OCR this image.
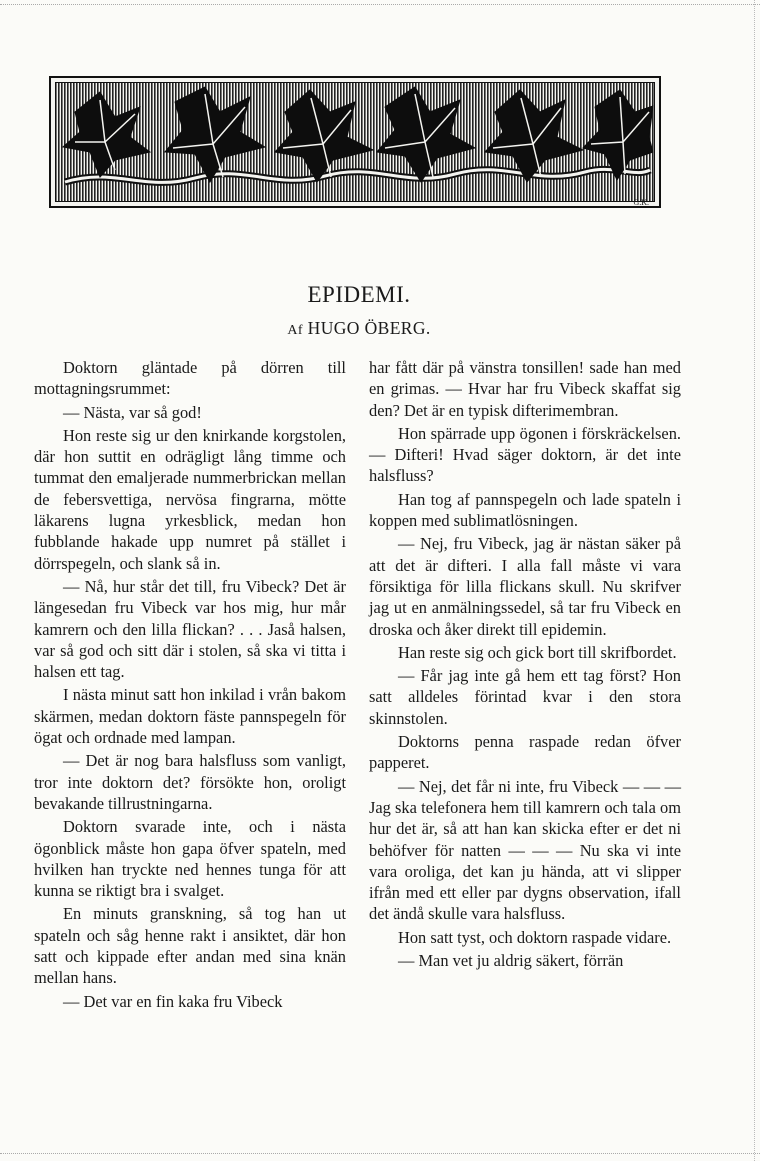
G.K.
EPIDEMI.
Af HUGO ÖBERG.

Doktorn gläntade på dörren till mottagningsrummet:

— Nästa, var så god!

Hon reste sig ur den knirkande korgstolen, där hon suttit en odrägligt lång timme och tummat den emaljerade nummerbrickan mellan de febersvettiga, nervösa fingrarna, mötte läkarens lugna yrkesblick, medan hon fubblande hakade upp numret på stället i dörrspegeln, och slank så in.

— Nå, hur står det till, fru Vibeck? Det är längesedan fru Vibeck var hos mig, hur mår kamrern och den lilla flickan? . . . Jaså halsen, var så god och sitt där i stolen, så ska vi titta i halsen ett tag.

I nästa minut satt hon inkilad i vrån bakom skärmen, medan doktorn fäste pannspegeln för ögat och ordnade med lampan.

— Det är nog bara halsfluss som vanligt, tror inte doktorn det? försökte hon, oroligt bevakande tillrustningarna.

Doktorn svarade inte, och i nästa ögonblick måste hon gapa öfver spateln, med hvilken han tryckte ned hennes tunga för att kunna se riktigt bra i svalget.

En minuts granskning, så tog han ut spateln och såg henne rakt i ansiktet, där hon satt och kippade efter andan med sina knän mellan hans.

— Det var en fin kaka fru Vibeck

har fått där på vänstra tonsillen! sade han med en grimas. — Hvar har fru Vibeck skaffat sig den? Det är en typisk difterimembran.

Hon spärrade upp ögonen i förskräckelsen. — Difteri! Hvad säger doktorn, är det inte halsfluss?

Han tog af pannspegeln och lade spateln i koppen med sublimatlösningen.

— Nej, fru Vibeck, jag är nästan säker på att det är difteri. I alla fall måste vi vara försiktiga för lilla flickans skull. Nu skrifver jag ut en anmälningssedel, så tar fru Vibeck en droska och åker direkt till epidemin.

Han reste sig och gick bort till skrifbordet.

— Får jag inte gå hem ett tag först? Hon satt alldeles förintad kvar i den stora skinnstolen.

Doktorns penna raspade redan öfver papperet.

— Nej, det får ni inte, fru Vibeck — — — Jag ska telefonera hem till kamrern och tala om hur det är, så att han kan skicka efter er det ni behöfver för natten — — — Nu ska vi inte vara oroliga, det kan ju hända, att vi slipper ifrån med ett eller par dygns observation, ifall det ändå skulle vara halsfluss.

Hon satt tyst, och doktorn raspade vidare.

— Man vet ju aldrig säkert, förrän
